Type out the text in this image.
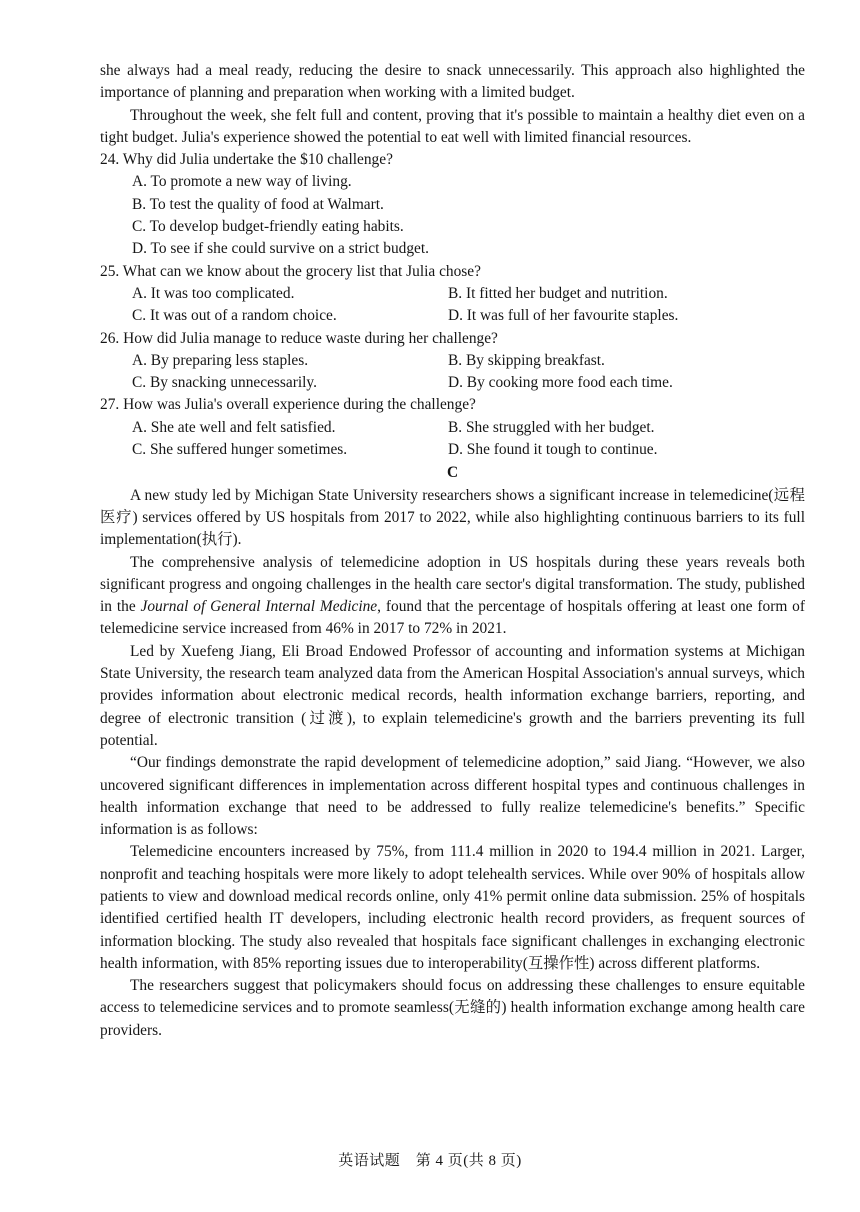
she always had a meal ready, reducing the desire to snack unnecessarily. This approach also highlighted the importance of planning and preparation when working with a limited budget.

Throughout the week, she felt full and content, proving that it's possible to maintain a healthy diet even on a tight budget. Julia's experience showed the potential to eat well with limited financial resources.

24. Why did Julia undertake the $10 challenge?

A. To promote a new way of living.
B. To test the quality of food at Walmart.
C. To develop budget-friendly eating habits.
D. To see if she could survive on a strict budget.

25. What can we know about the grocery list that Julia chose?

A. It was too complicated.	B. It fitted her budget and nutrition.
C. It was out of a random choice.	D. It was full of her favourite staples.

26. How did Julia manage to reduce waste during her challenge?

A. By preparing less staples.	B. By skipping breakfast.
C. By snacking unnecessarily.	D. By cooking more food each time.

27. How was Julia's overall experience during the challenge?

A. She ate well and felt satisfied.	B. She struggled with her budget.
C. She suffered hunger sometimes.	D. She found it tough to continue.
C

A new study led by Michigan State University researchers shows a significant increase in telemedicine(远程医疗) services offered by US hospitals from 2017 to 2022, while also highlighting continuous barriers to its full implementation(执行).

The comprehensive analysis of telemedicine adoption in US hospitals during these years reveals both significant progress and ongoing challenges in the health care sector's digital transformation. The study, published in the Journal of General Internal Medicine, found that the percentage of hospitals offering at least one form of telemedicine service increased from 46% in 2017 to 72% in 2021.

Led by Xuefeng Jiang, Eli Broad Endowed Professor of accounting and information systems at Michigan State University, the research team analyzed data from the American Hospital Association's annual surveys, which provides information about electronic medical records, health information exchange barriers, reporting, and degree of electronic transition (过渡), to explain telemedicine's growth and the barriers preventing its full potential.

“Our findings demonstrate the rapid development of telemedicine adoption,” said Jiang. “However, we also uncovered significant differences in implementation across different hospital types and continuous challenges in health information exchange that need to be addressed to fully realize telemedicine's benefits.” Specific information is as follows:

Telemedicine encounters increased by 75%, from 111.4 million in 2020 to 194.4 million in 2021. Larger, nonprofit and teaching hospitals were more likely to adopt telehealth services. While over 90% of hospitals allow patients to view and download medical records online, only 41% permit online data submission. 25% of hospitals identified certified health IT developers, including electronic health record providers, as frequent sources of information blocking. The study also revealed that hospitals face significant challenges in exchanging electronic health information, with 85% reporting issues due to interoperability(互操作性) across different platforms.

The researchers suggest that policymakers should focus on addressing these challenges to ensure equitable access to telemedicine services and to promote seamless(无缝的) health information exchange among health care providers.

英语试题　第 4 页(共 8 页)
